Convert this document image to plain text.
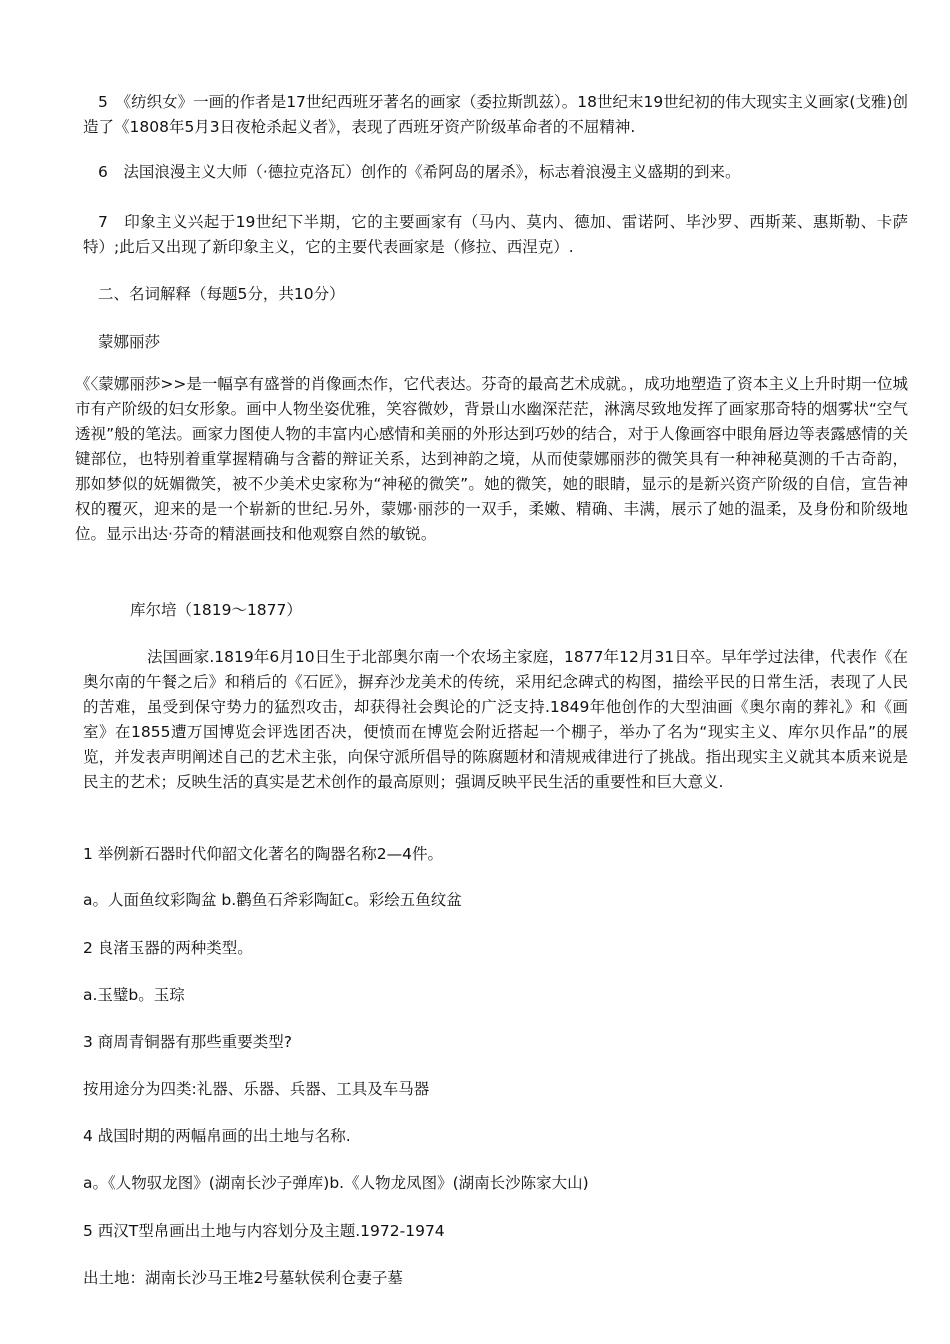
5　《纺织女》一画的作者是17世纪西班牙著名的画家（委拉斯凯兹）。18世纪末19世纪初的伟大现实主义画家(戈雅)创造了《1808年5月3日夜枪杀起义者》，表现了西班牙资产阶级革命者的不屈精神.

6　法国浪漫主义大师（·德拉克洛瓦）创作的《希阿岛的屠杀》，标志着浪漫主义盛期的到来。

7　印象主义兴起于19世纪下半期，它的主要画家有（马内、莫内、德加、雷诺阿、毕沙罗、西斯莱、惠斯勒、卡萨特）;此后又出现了新印象主义，它的主要代表画家是（修拉、西涅克）.

二、名词解释（每题5分，共10分）

蒙娜丽莎

《〈蒙娜丽莎>>是一幅享有盛誉的肖像画杰作，它代表达。芬奇的最高艺术成就。，成功地塑造了资本主义上升时期一位城市有产阶级的妇女形象。画中人物坐姿优雅，笑容微妙，背景山水幽深茫茫，淋漓尽致地发挥了画家那奇特的烟雾状“空气透视”般的笔法。画家力图使人物的丰富内心感情和美丽的外形达到巧妙的结合，对于人像画容中眼角唇边等表露感情的关键部位，也特别着重掌握精确与含蓄的辩证关系，达到神韵之境，从而使蒙娜丽莎的微笑具有一种神秘莫测的千古奇韵，那如梦似的妩媚微笑，被不少美术史家称为“神秘的微笑”。她的微笑，她的眼睛，显示的是新兴资产阶级的自信，宣告神权的覆灭，迎来的是一个崭新的世纪.另外，蒙娜·丽莎的一双手，柔嫩、精确、丰满，展示了她的温柔，及身份和阶级地位。显示出达·芬奇的精湛画技和他观察自然的敏锐。

库尔培（1819～1877）

法国画家.1819年6月10日生于北部奥尔南一个农场主家庭，1877年12月31日卒。早年学过法律，代表作《在奥尔南的午餐之后》和稍后的《石匠》，摒弃沙龙美术的传统，采用纪念碑式的构图，描绘平民的日常生活，表现了人民的苦难，虽受到保守势力的猛烈攻击，却获得社会舆论的广泛支持.1849年他创作的大型油画《奥尔南的葬礼》和《画室》在1855遭万国博览会评选团否决，便愤而在博览会附近搭起一个棚子，举办了名为“现实主义、库尔贝作品”的展览，并发表声明阐述自己的艺术主张，向保守派所倡导的陈腐题材和清规戒律进行了挑战。指出现实主义就其本质来说是民主的艺术；反映生活的真实是艺术创作的最高原则；强调反映平民生活的重要性和巨大意义.

1 举例新石器时代仰韶文化著名的陶器名称2—4件。

a。人面鱼纹彩陶盆 b.鹳鱼石斧彩陶缸c。彩绘五鱼纹盆

2 良渚玉器的两种类型。

a.玉璧b。玉琮

3 商周青铜器有那些重要类型?

按用途分为四类:礼器、乐器、兵器、工具及车马器

4 战国时期的两幅帛画的出土地与名称.

a。《人物驭龙图》(湖南长沙子弹库)b.《人物龙凤图》(湖南长沙陈家大山)

5 西汉T型帛画出土地与内容划分及主题.1972-1974

出土地：湖南长沙马王堆2号墓轪侯利仓妻子墓
